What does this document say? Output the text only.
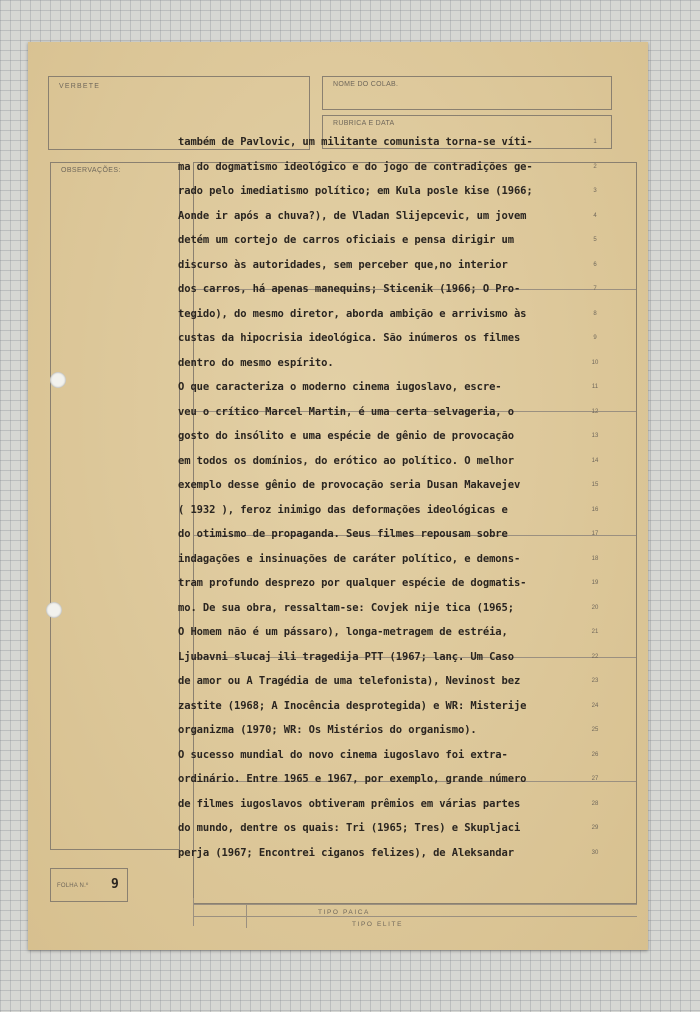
VERBETE	NOME DO COLAB.
RUBRICA E DATA
OBSERVAÇÕES:
FOLHA N.º 9
TIPO PAICA
TIPO ELITE
também de Pavlovic, um militante comunista torna-se víti-
ma do dogmatismo ideológico e do jogo de contradições ge-
rado pelo imediatismo político; em Kula posle kise (1966;
Aonde ir após a chuva?), de Vladan Slijepcevic, um jovem
detém um cortejo de carros oficiais e pensa dirigir um
discurso às autoridades, sem perceber que,no interior
dos carros, há apenas manequins; Sticenik (1966; O Pro-
tegido), do mesmo diretor, aborda ambição e arrivismo às
custas da hipocrisia ideológica. São inúmeros os filmes
dentro do mesmo espírito.
O que caracteriza o moderno cinema iugoslavo, escre-
veu o crítico Marcel Martin, é uma certa selvageria, o
gosto do insólito e uma espécie de gênio de provocação
em todos os domínios, do erótico ao político. O melhor
exemplo desse gênio de provocação seria Dusan Makavejev
( 1932 ), feroz inimigo das deformações ideológicas e
do otimismo de propaganda. Seus filmes repousam sobre
indagações e insinuações de caráter político, e demons-
tram profundo desprezo por qualquer espécie de dogmatis-
mo. De sua obra, ressaltam-se: Covjek nije tica (1965;
O Homem não é um pássaro), longa-metragem de estréia,
Ljubavni slucaj ili tragedija PTT (1967; lanç. Um Caso
de amor ou A Tragédia de uma telefonista), Nevinost bez
zastite (1968; A Inocência desprotegida) e WR: Misterije
organizma (1970; WR: Os Mistérios do organismo).
O sucesso mundial do novo cinema iugoslavo foi extra-
ordinário. Entre 1965 e 1967, por exemplo, grande número
de filmes iugoslavos obtiveram prêmios em várias partes
do mundo, dentre os quais: Tri (1965; Tres) e Skupljaci
perja (1967; Encontrei ciganos felizes), de Aleksandar
1
2
3
4
5
6
7
8
9
10
11
12
13
14
15
16
17
18
19
20
21
22
23
24
25
26
27
28
29
30
